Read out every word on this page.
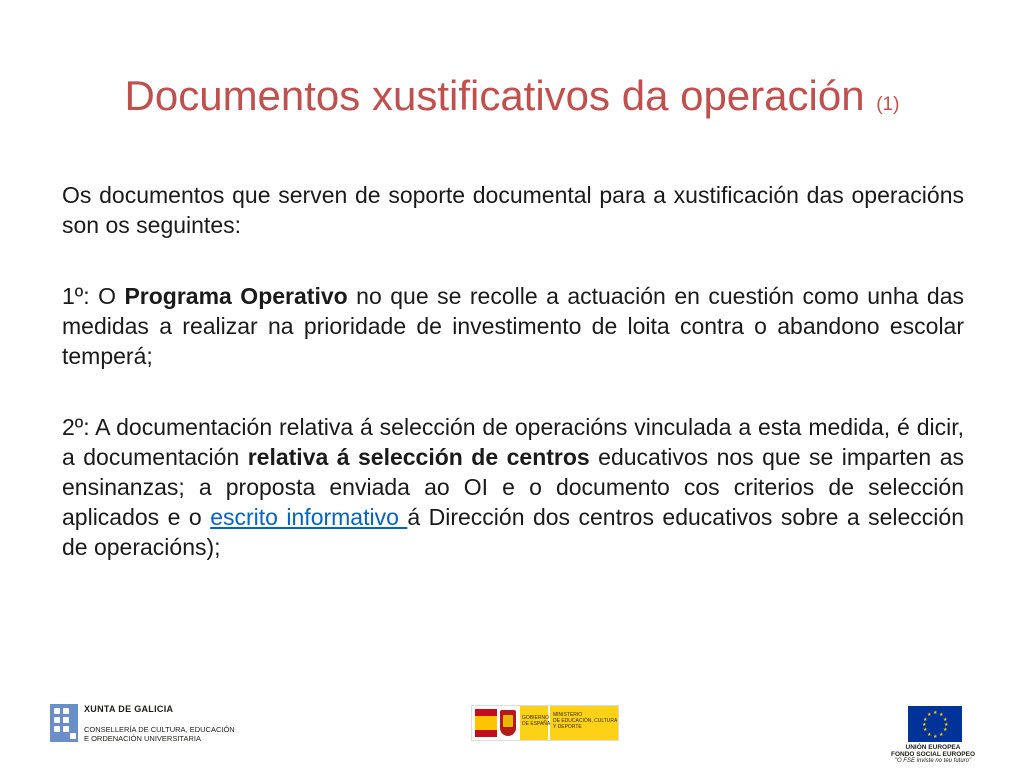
Documentos xustificativos da operación (1)

Os documentos que serven de soporte documental para a xustificación das operacións son os seguintes:

1º: O Programa Operativo no que se recolle a actuación en cuestión como unha das medidas a realizar na prioridade de investimento de loita contra o abandono escolar temperá;

2º: A documentación relativa á selección de operacións vinculada a esta medida, é dicir, a documentación relativa á selección de centros educativos nos que se imparten as ensinanzas; a proposta enviada ao OI e o documento cos criterios de selección aplicados e o escrito informativo á Dirección dos centros educativos sobre a selección de operacións);

XUNTA DE GALICIA
CONSELLERÍA DE CULTURA, EDUCACIÓN
E ORDENACIÓN UNIVERSITARIA
GOBIERNO
DE ESPAÑA
MINISTERIO
DE EDUCACIÓN, CULTURA
Y DEPORTE
★ ★
★
★
★
★
★
★
★
★
★
★
UNIÓN EUROPEA
FONDO SOCIAL EUROPEO
"O FSE inviste no teu futuro"
